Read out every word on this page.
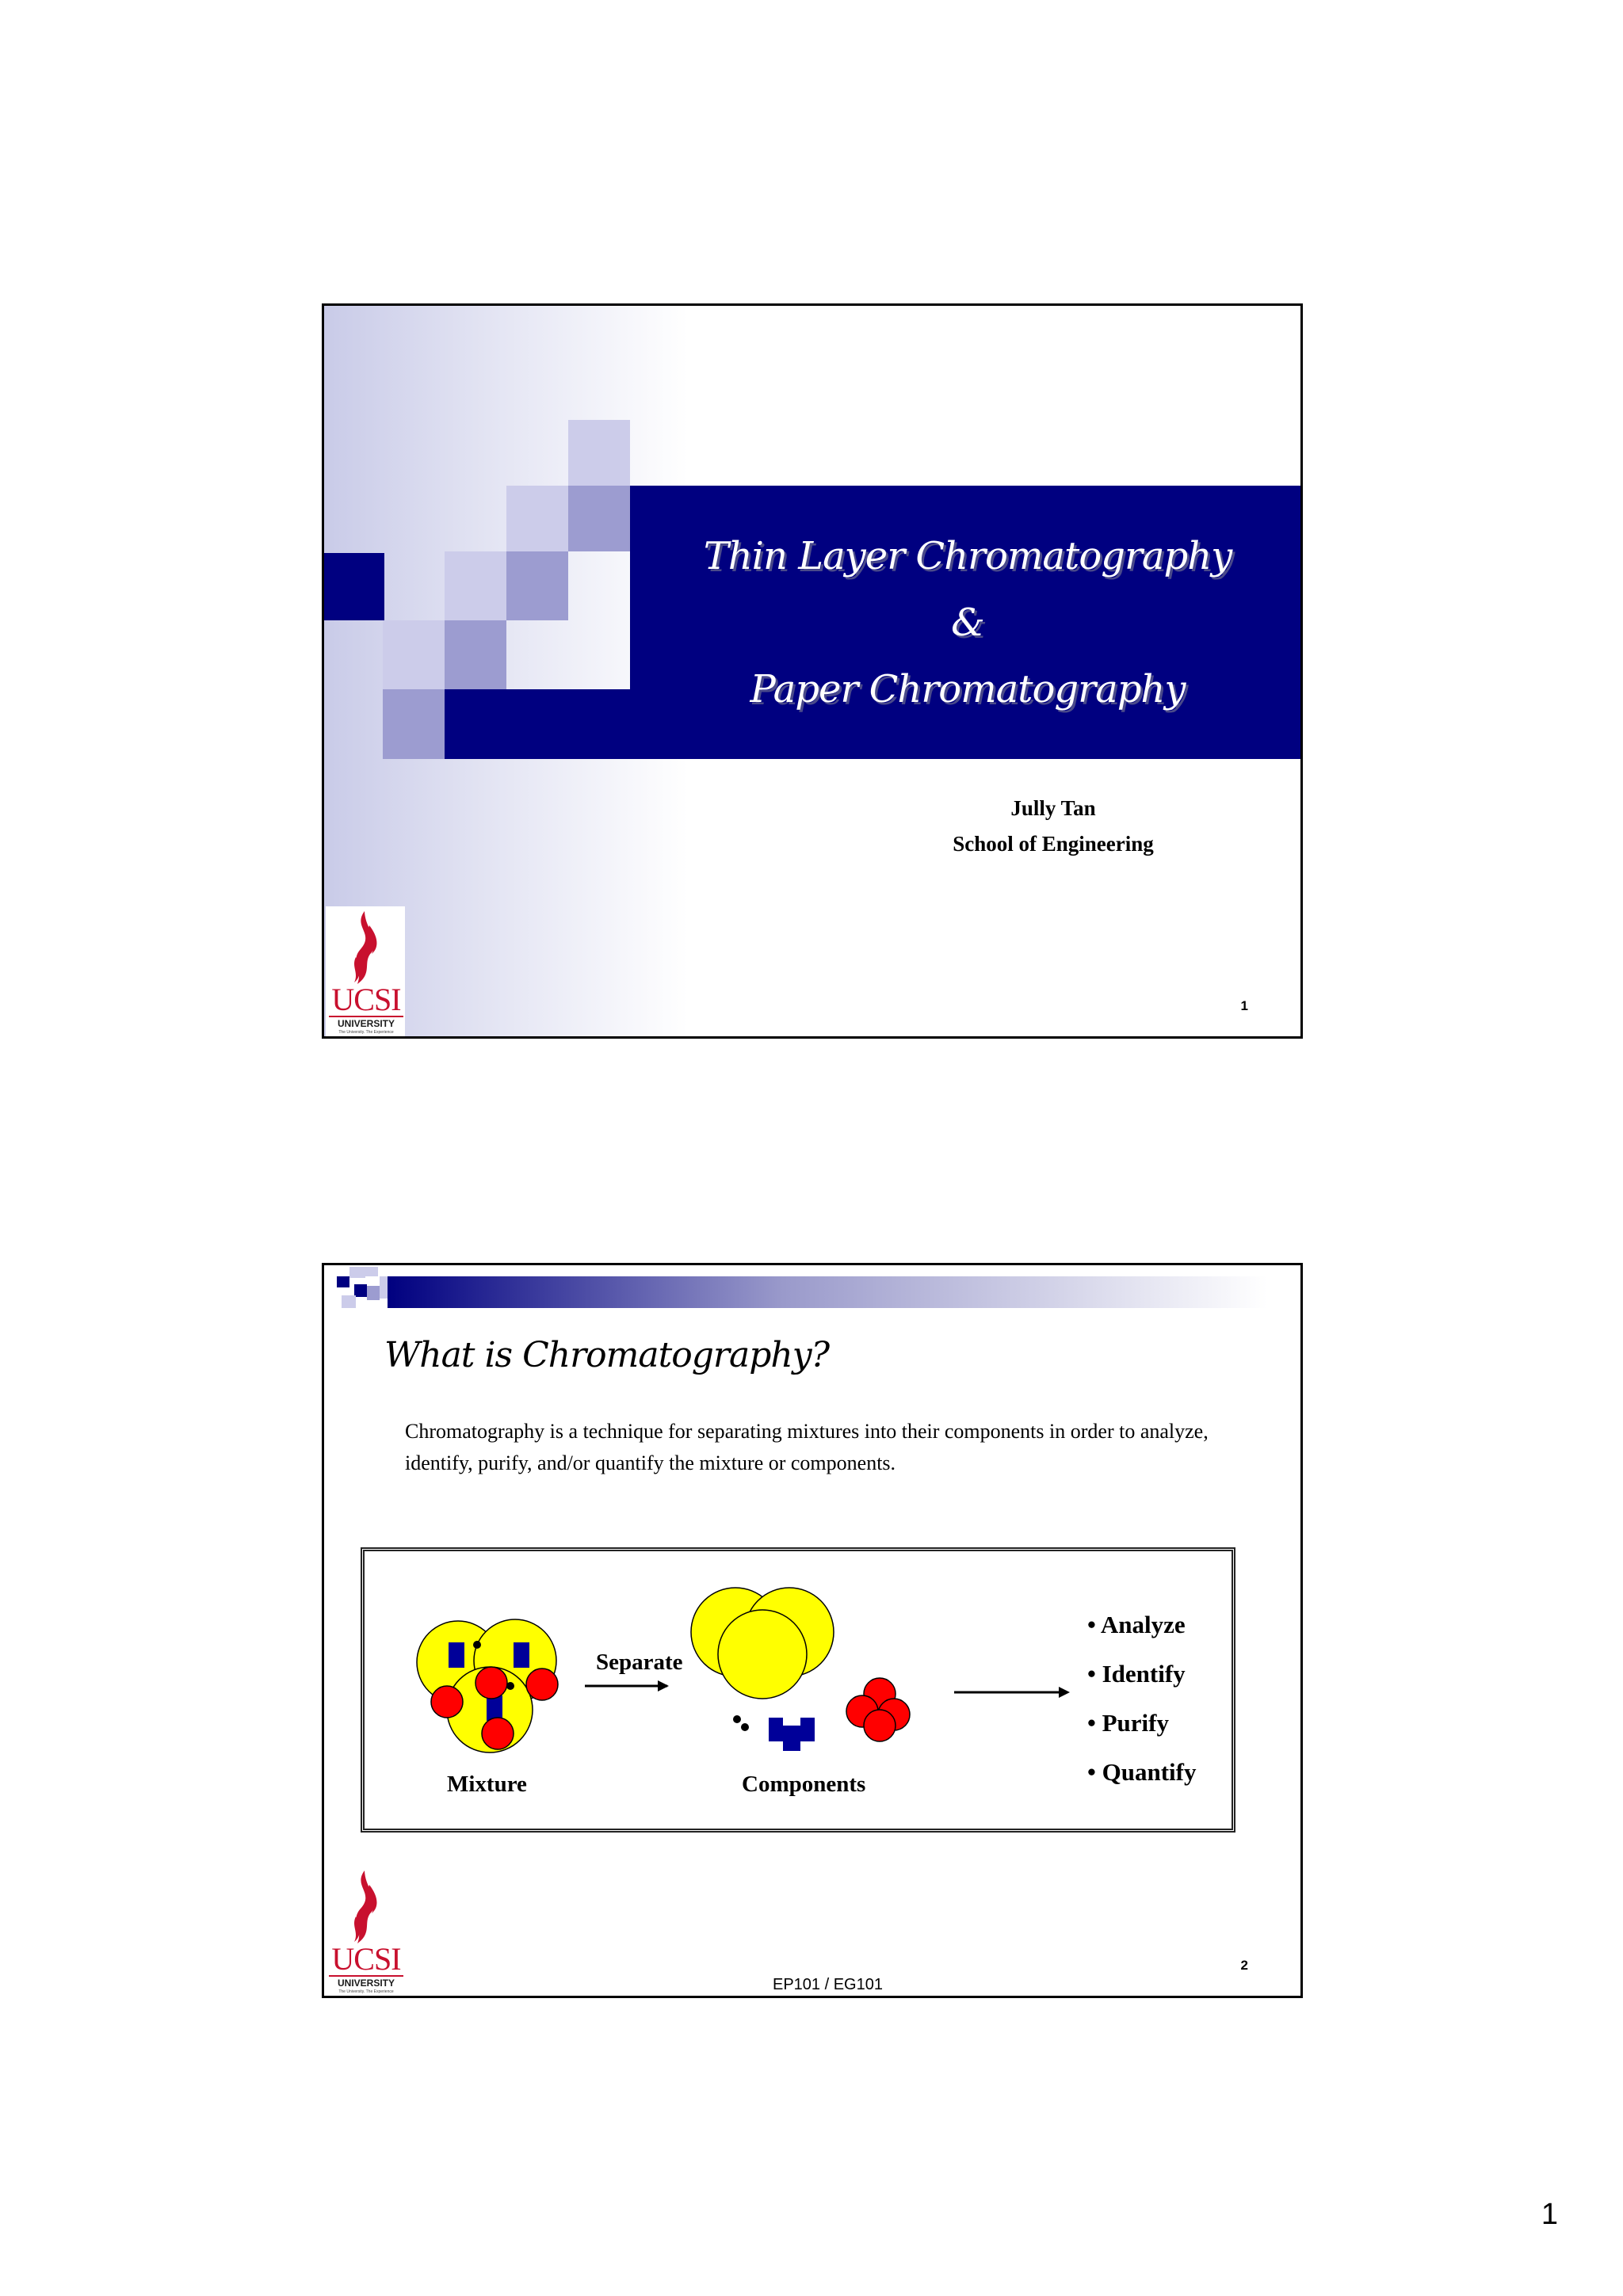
Thin Layer Chromatography
&
Paper Chromatography
Jully Tan
School of Engineering
UCSI
UNIVERSITY
The University. The Experience
1
What is Chromatography?
Chromatography is a technique for separating mixtures into their components in order to analyze, identify, purify, and/or quantify the mixture or components.
Separate
Mixture	Components
• Analyze
• Identify
• Purify
• Quantify
UCSI
UNIVERSITY
The University. The Experience	EP101 / EG101
2
1
